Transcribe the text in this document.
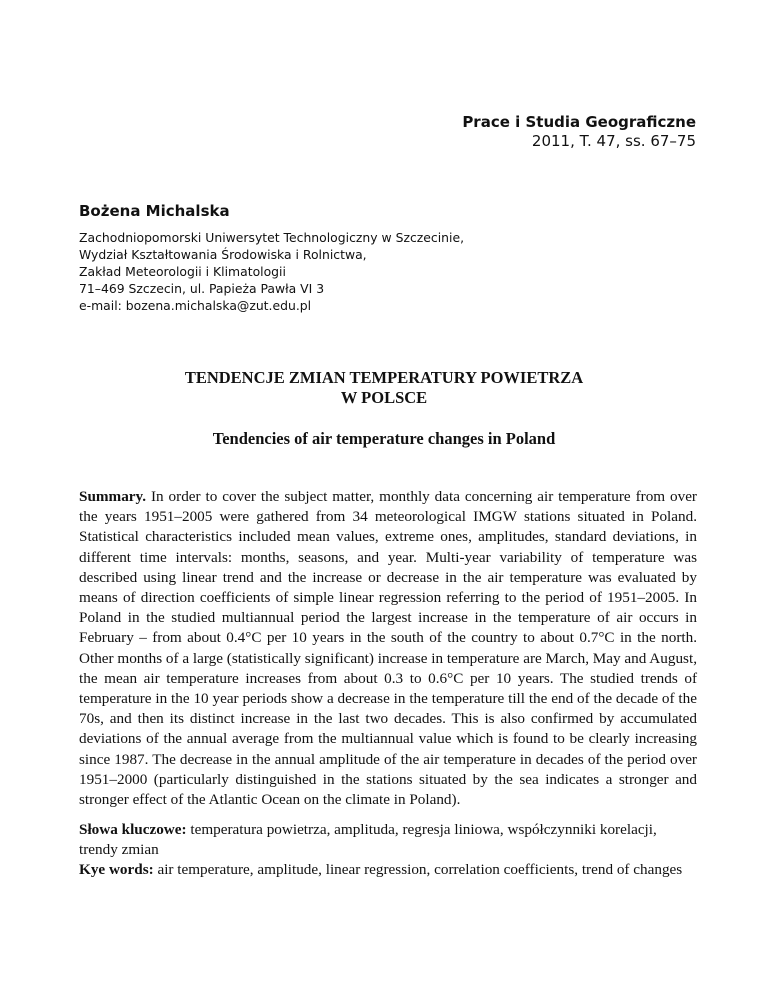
Prace i Studia Geograficzne
2011, T. 47, ss. 67–75
Bożena Michalska
Zachodniopomorski Uniwersytet Technologiczny w Szczecinie,
Wydział Kształtowania Środowiska i Rolnictwa,
Zakład Meteorologii i Klimatologii
71–469 Szczecin, ul. Papieża Pawła VI 3
e-mail: bozena.michalska@zut.edu.pl
TENDENCJE ZMIAN TEMPERATURY POWIETRZA
W POLSCE
Tendencies of air temperature changes in Poland
Summary. In order to cover the subject matter, monthly data concerning air temperature from over the years 1951–2005 were gathered from 34 meteorological IMGW stations situated in Poland. Statistical characteristics included mean values, extreme ones, amplitudes, standard deviations, in different time intervals: months, seasons, and year. Multi-year variability of temperature was described using linear trend and the increase or decrease in the air temperature was evaluated by means of direction coefficients of simple linear regression referring to the period of 1951–2005. In Poland in the studied multiannual period the largest increase in the temperature of air occurs in February – from about 0.4°C per 10 years in the south of the country to about 0.7°C in the north. Other months of a large (statistically significant) increase in temperature are March, May and August, the mean air temperature increases from about 0.3 to 0.6°C per 10 years. The studied trends of temperature in the 10 year periods show a decrease in the temperature till the end of the decade of the 70s, and then its distinct increase in the last two decades. This is also confirmed by accumulated deviations of the annual average from the multiannual value which is found to be clearly increasing since 1987. The decrease in the annual amplitude of the air temperature in decades of the period over 1951–2000 (particularly distinguished in the stations situated by the sea indicates a stronger and stronger effect of the Atlantic Ocean on the climate in Poland).

Słowa kluczowe: temperatura powietrza, amplituda, regresja liniowa, współczynniki korelacji, trendy zmian

Kye words: air temperature, amplitude, linear regression, correlation coefficients, trend of changes
